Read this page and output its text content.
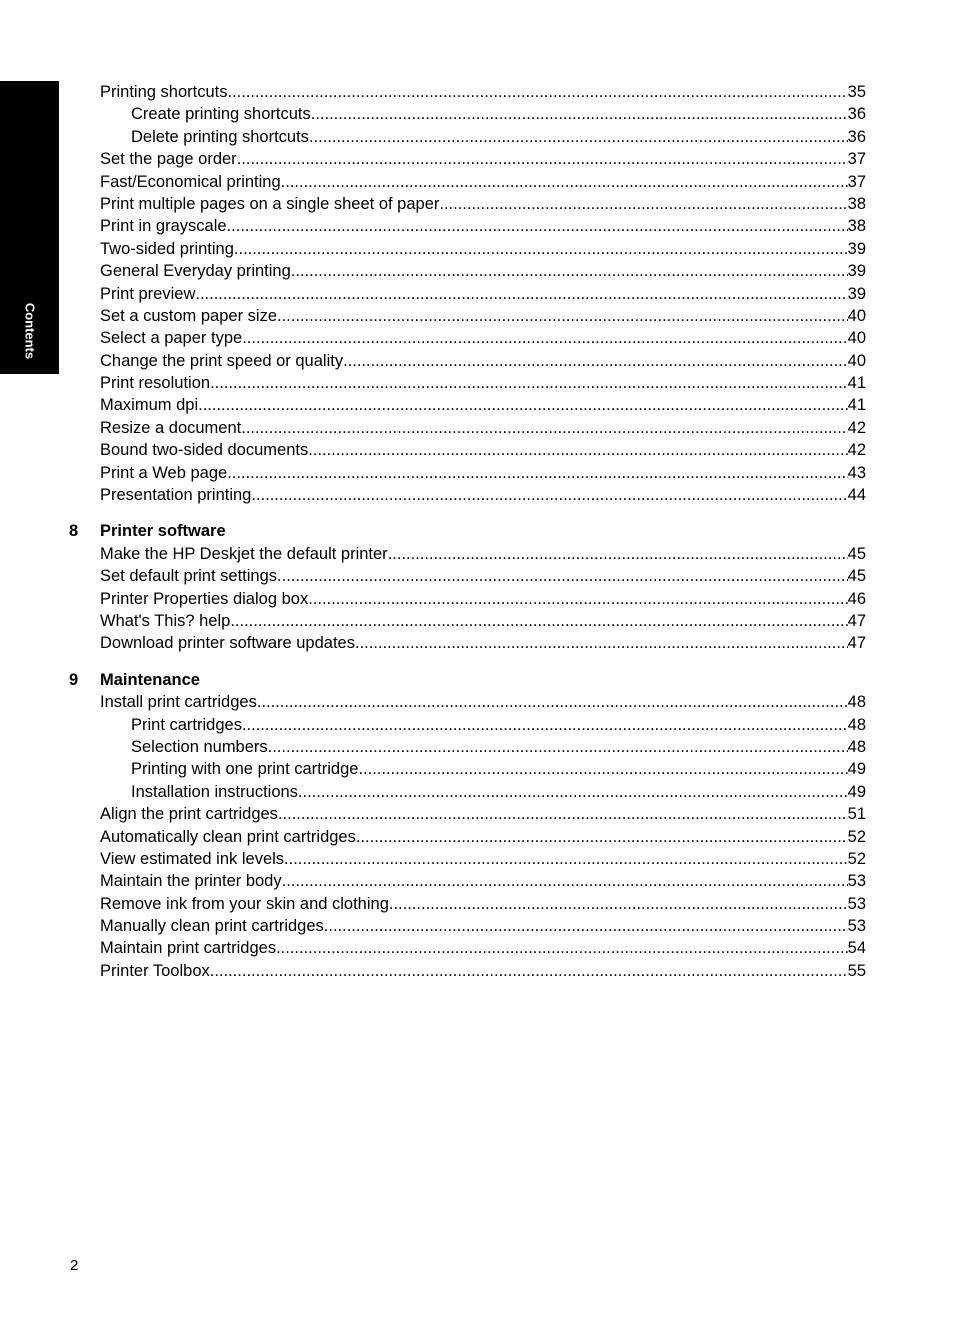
Contents
Printing shortcuts .....	35
Create printing shortcuts .....	36
Delete printing shortcuts .....	36
Set the page order .....	37
Fast/Economical printing .....	37
Print multiple pages on a single sheet of paper .....	38
Print in grayscale .....	38
Two-sided printing .....	39
General Everyday printing .....	39
Print preview .....	39
Set a custom paper size .....	40
Select a paper type .....	40
Change the print speed or quality .....	40
Print resolution .....	41
Maximum dpi .....	41
Resize a document .....	42
Bound two-sided documents .....	42
Print a Web page .....	43
Presentation printing .....	44
8 Printer software
Make the HP Deskjet the default printer .....	45
Set default print settings .....	45
Printer Properties dialog box .....	46
What's This? help .....	47
Download printer software updates .....	47
9 Maintenance
Install print cartridges .....	48
Print cartridges .....	48
Selection numbers .....	48
Printing with one print cartridge .....	49
Installation instructions .....	49
Align the print cartridges .....	51
Automatically clean print cartridges .....	52
View estimated ink levels .....	52
Maintain the printer body .....	53
Remove ink from your skin and clothing .....	53
Manually clean print cartridges .....	53
Maintain print cartridges .....	54
Printer Toolbox .....	55
2
